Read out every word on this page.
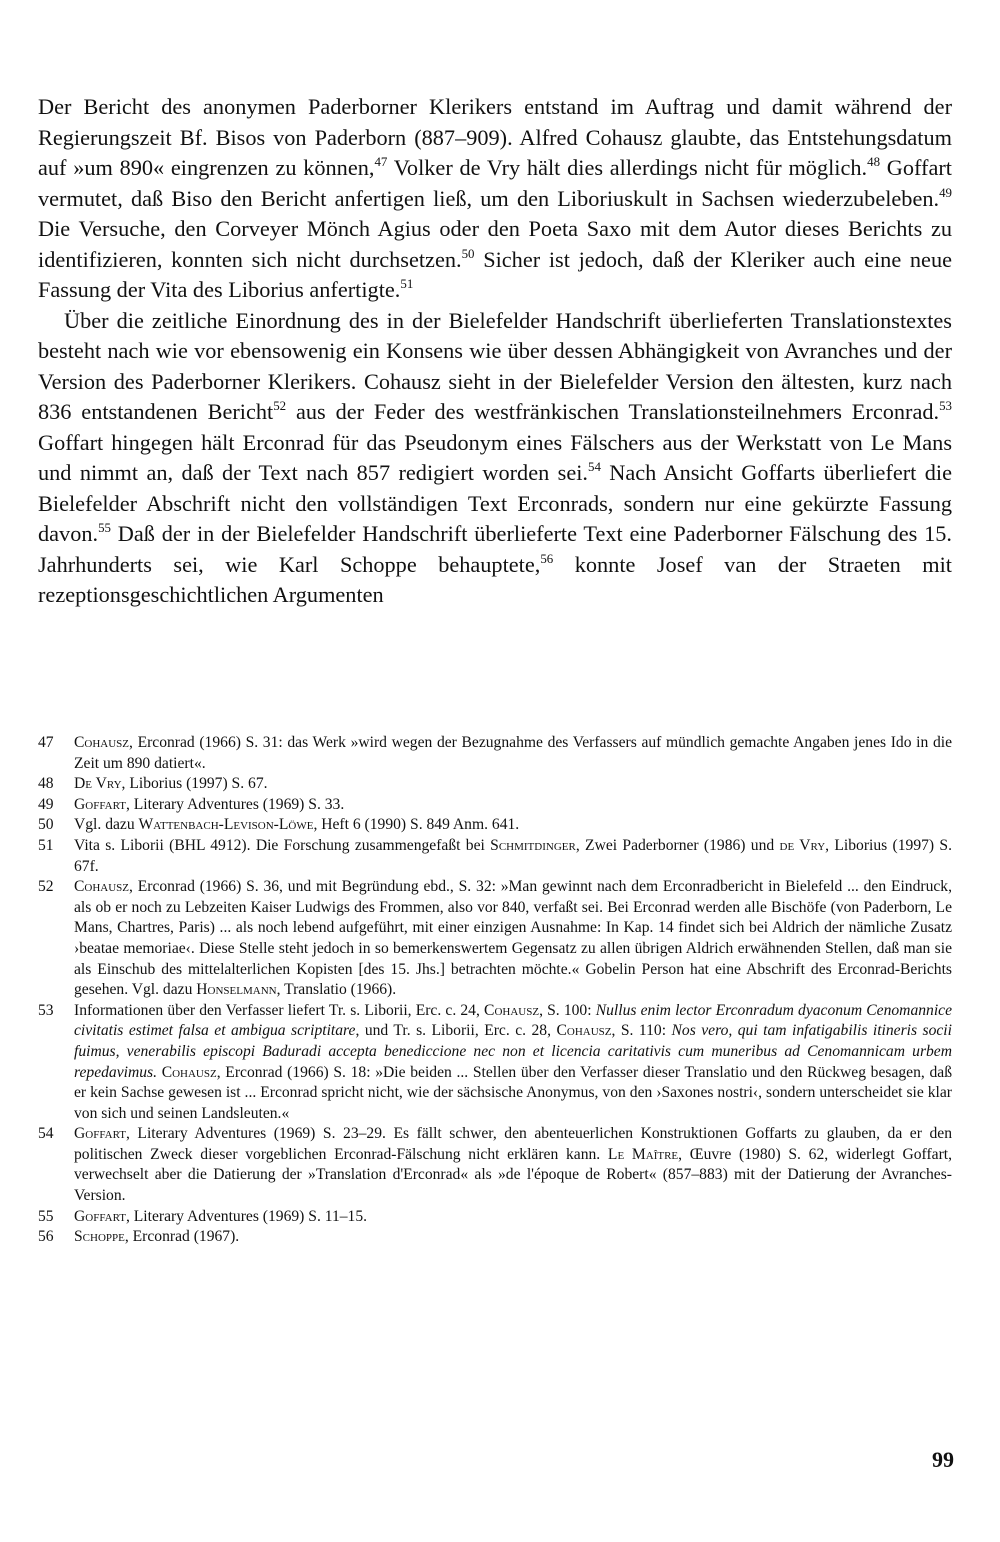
Der Bericht des anonymen Paderborner Klerikers entstand im Auftrag und damit während der Regierungszeit Bf. Bisos von Paderborn (887–909). Alfred Cohausz glaubte, das Entstehungsdatum auf »um 890« eingrenzen zu können,$^{47}$ Volker de Vry hält dies allerdings nicht für möglich.$^{48}$ Goffart vermutet, daß Biso den Bericht anfertigen ließ, um den Liboriuskult in Sachsen wiederzubeleben.$^{49}$ Die Versuche, den Corveyer Mönch Agius oder den Poeta Saxo mit dem Autor dieses Berichts zu identifizieren, konnten sich nicht durchsetzen.$^{50}$ Sicher ist jedoch, daß der Kleriker auch eine neue Fassung der Vita des Liborius anfertigte.$^{51}$

Über die zeitliche Einordnung des in der Bielefelder Handschrift überlieferten Translationstextes besteht nach wie vor ebensowenig ein Konsens wie über dessen Abhängigkeit von Avranches und der Version des Paderborner Klerikers. Cohausz sieht in der Bielefelder Version den ältesten, kurz nach 836 entstandenen Bericht$^{52}$ aus der Feder des westfränkischen Translationsteilnehmers Erconrad.$^{53}$ Goffart hingegen hält Erconrad für das Pseudonym eines Fälschers aus der Werkstatt von Le Mans und nimmt an, daß der Text nach 857 redigiert worden sei.$^{54}$ Nach Ansicht Goffarts überliefert die Bielefelder Abschrift nicht den vollständigen Text Erconrads, sondern nur eine gekürzte Fassung davon.$^{55}$ Daß der in der Bielefelder Handschrift überlieferte Text eine Paderborner Fälschung des 15. Jahrhunderts sei, wie Karl Schoppe behauptete,$^{56}$ konnte Josef van der Straeten mit rezeptionsgeschichtlichen Argumenten

47	Cohausz, Erconrad (1966) S. 31: das Werk »wird wegen der Bezugnahme des Verfassers auf mündlich gemachte Angaben jenes Ido in die Zeit um 890 datiert«.
48	De Vry, Liborius (1997) S. 67.
49	Goffart, Literary Adventures (1969) S. 33.
50	Vgl. dazu Wattenbach-Levison-Löwe, Heft 6 (1990) S. 849 Anm. 641.
51	Vita s. Liborii (BHL 4912). Die Forschung zusammengefaßt bei Schmitdinger, Zwei Paderborner (1986) und de Vry, Liborius (1997) S. 67f.
52	Cohausz, Erconrad (1966) S. 36, und mit Begründung ebd., S. 32: »Man gewinnt nach dem Erconradbericht in Bielefeld ... den Eindruck, als ob er noch zu Lebzeiten Kaiser Ludwigs des Frommen, also vor 840, verfaßt sei. Bei Erconrad werden alle Bischöfe (von Paderborn, Le Mans, Chartres, Paris) ... als noch lebend aufgeführt, mit einer einzigen Ausnahme: In Kap. 14 findet sich bei Aldrich der nämliche Zusatz ›beatae memoriae‹. Diese Stelle steht jedoch in so bemerkenswertem Gegensatz zu allen übrigen Aldrich erwähnenden Stellen, daß man sie als Einschub des mittelalterlichen Kopisten [des 15. Jhs.] betrachten möchte.« Gobelin Person hat eine Abschrift des Erconrad-Berichts gesehen. Vgl. dazu Honselmann, Translatio (1966).
53	Informationen über den Verfasser liefert Tr. s. Liborii, Erc. c. 24, Cohausz, S. 100: Nullus enim lector Erconradum dyaconum Cenomannice civitatis estimet falsa et ambigua scriptitare, und Tr. s. Liborii, Erc. c. 28, Cohausz, S. 110: Nos vero, qui tam infatigabilis itineris socii fuimus, venerabilis episcopi Baduradi accepta benediccione nec non et licencia caritativis cum muneribus ad Cenomannicam urbem repedavimus. Cohausz, Erconrad (1966) S. 18: »Die beiden ... Stellen über den Verfasser dieser Translatio und den Rückweg besagen, daß er kein Sachse gewesen ist ... Erconrad spricht nicht, wie der sächsische Anonymus, von den ›Saxones nostri‹, sondern unterscheidet sie klar von sich und seinen Landsleuten.«
54	Goffart, Literary Adventures (1969) S. 23–29. Es fällt schwer, den abenteuerlichen Konstruktionen Goffarts zu glauben, da er den politischen Zweck dieser vorgeblichen Erconrad-Fälschung nicht erklären kann. Le Maître, Œuvre (1980) S. 62, widerlegt Goffart, verwechselt aber die Datierung der »Translation d'Erconrad« als »de l'époque de Robert« (857–883) mit der Datierung der Avranches-Version.
55	Goffart, Literary Adventures (1969) S. 11–15.
56	Schoppe, Erconrad (1967).
99
